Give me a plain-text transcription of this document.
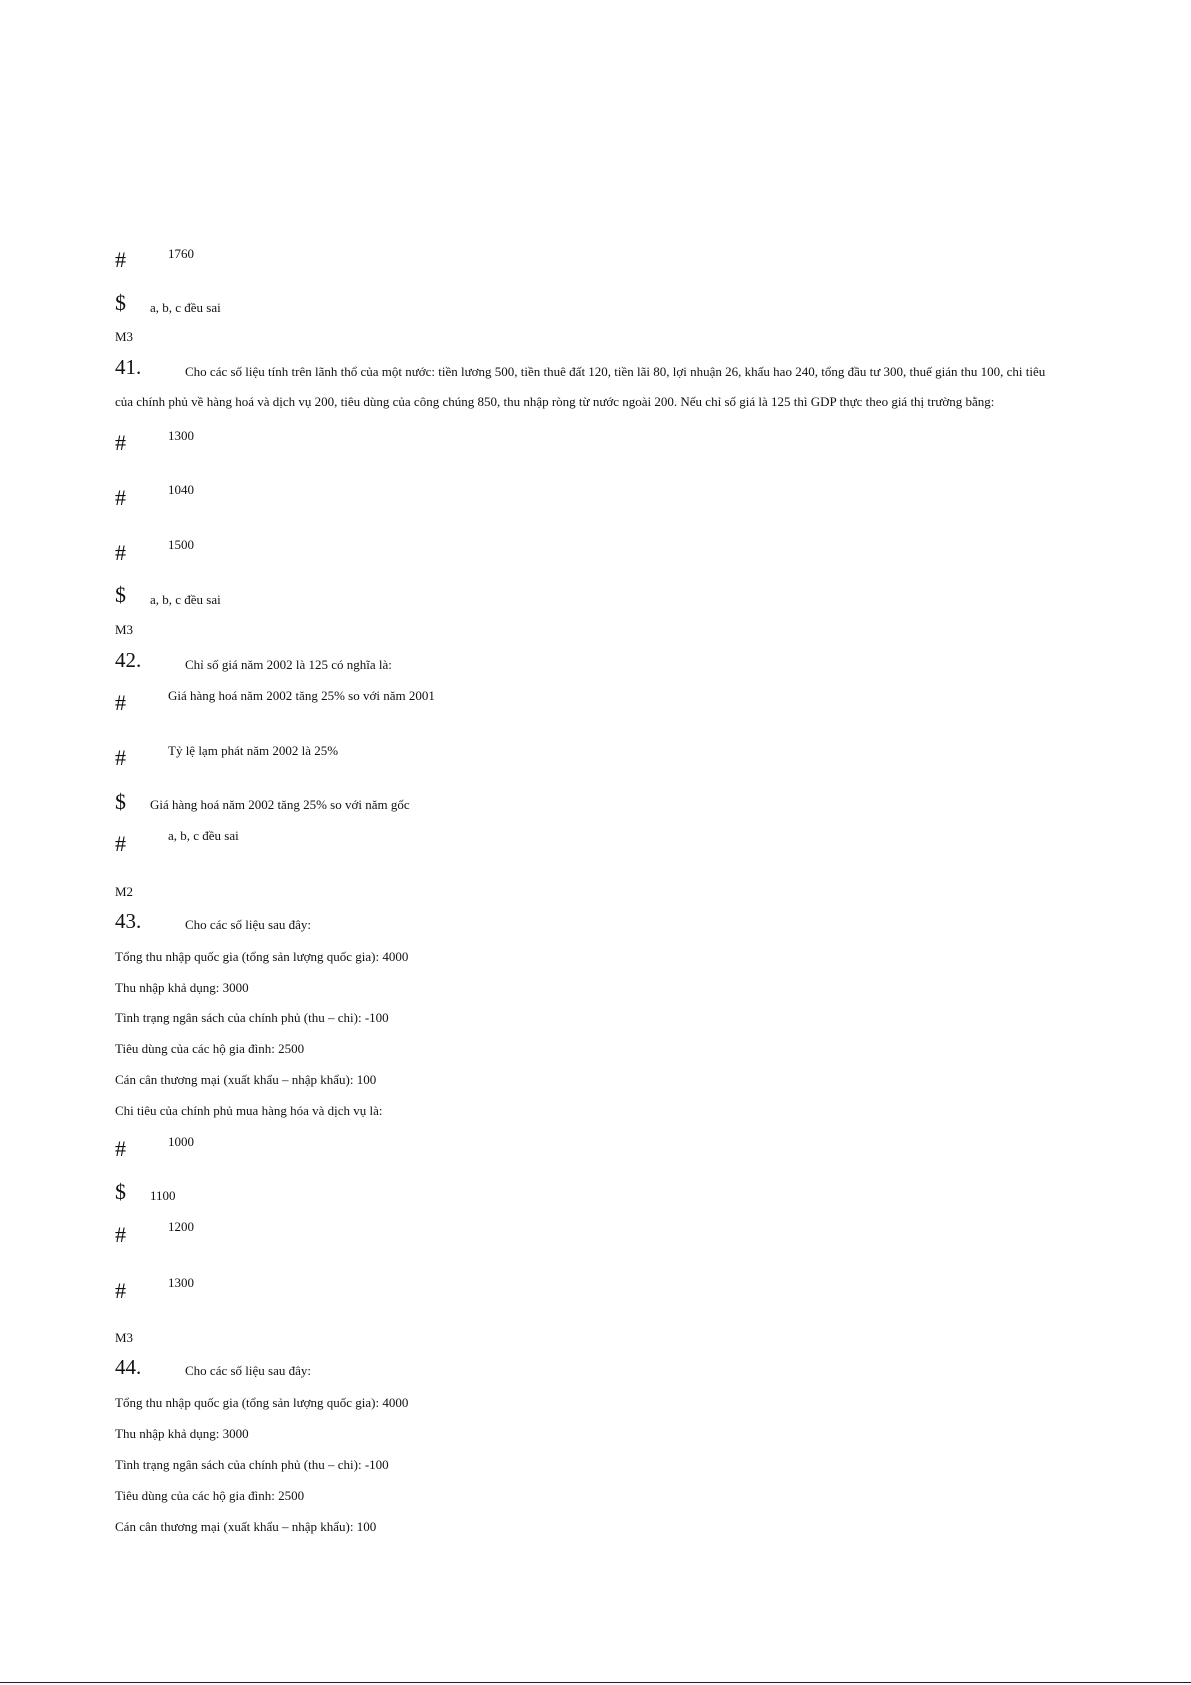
#	1760
$ a, b, c đều sai
M3
41.	Cho các số liệu tính trên lãnh thổ của một nước: tiền lương 500, tiền thuê đất 120, tiền lãi 80, lợi nhuận 26, khấu hao 240, tổng đầu tư 300, thuế gián thu 100, chi tiêu
của chính phủ về hàng hoá và dịch vụ 200, tiêu dùng của công chúng 850, thu nhập ròng từ nước ngoài 200. Nếu chỉ số giá là 125 thì GDP thực theo giá thị trường bằng:
#	1300
#	1040
#	1500
$ a, b, c đều sai
M3
42.	Chỉ số giá năm 2002 là 125 có nghĩa là:
#	Giá hàng hoá năm 2002 tăng 25% so với năm 2001
#	Tỷ lệ lạm phát năm 2002 là 25%
$ Giá hàng hoá năm 2002 tăng 25% so với năm gốc
#	a, b, c đều sai
M2
43.	Cho các số liệu sau đây:
Tổng thu nhập quốc gia (tổng sản lượng quốc gia): 4000
Thu nhập khả dụng: 3000
Tình trạng ngân sách của chính phủ (thu – chi): -100
Tiêu dùng của các hộ gia đình: 2500
Cán cân thương mại (xuất khẩu – nhập khẩu): 100
Chi tiêu của chính phủ mua hàng hóa và dịch vụ là:
#	1000
$ 1100
#	1200
#	1300
M3
44.	Cho các số liệu sau đây:
Tổng thu nhập quốc gia (tổng sản lượng quốc gia): 4000
Thu nhập khả dụng: 3000
Tình trạng ngân sách của chính phủ (thu – chi): -100
Tiêu dùng của các hộ gia đình: 2500
Cán cân thương mại (xuất khẩu – nhập khẩu): 100
